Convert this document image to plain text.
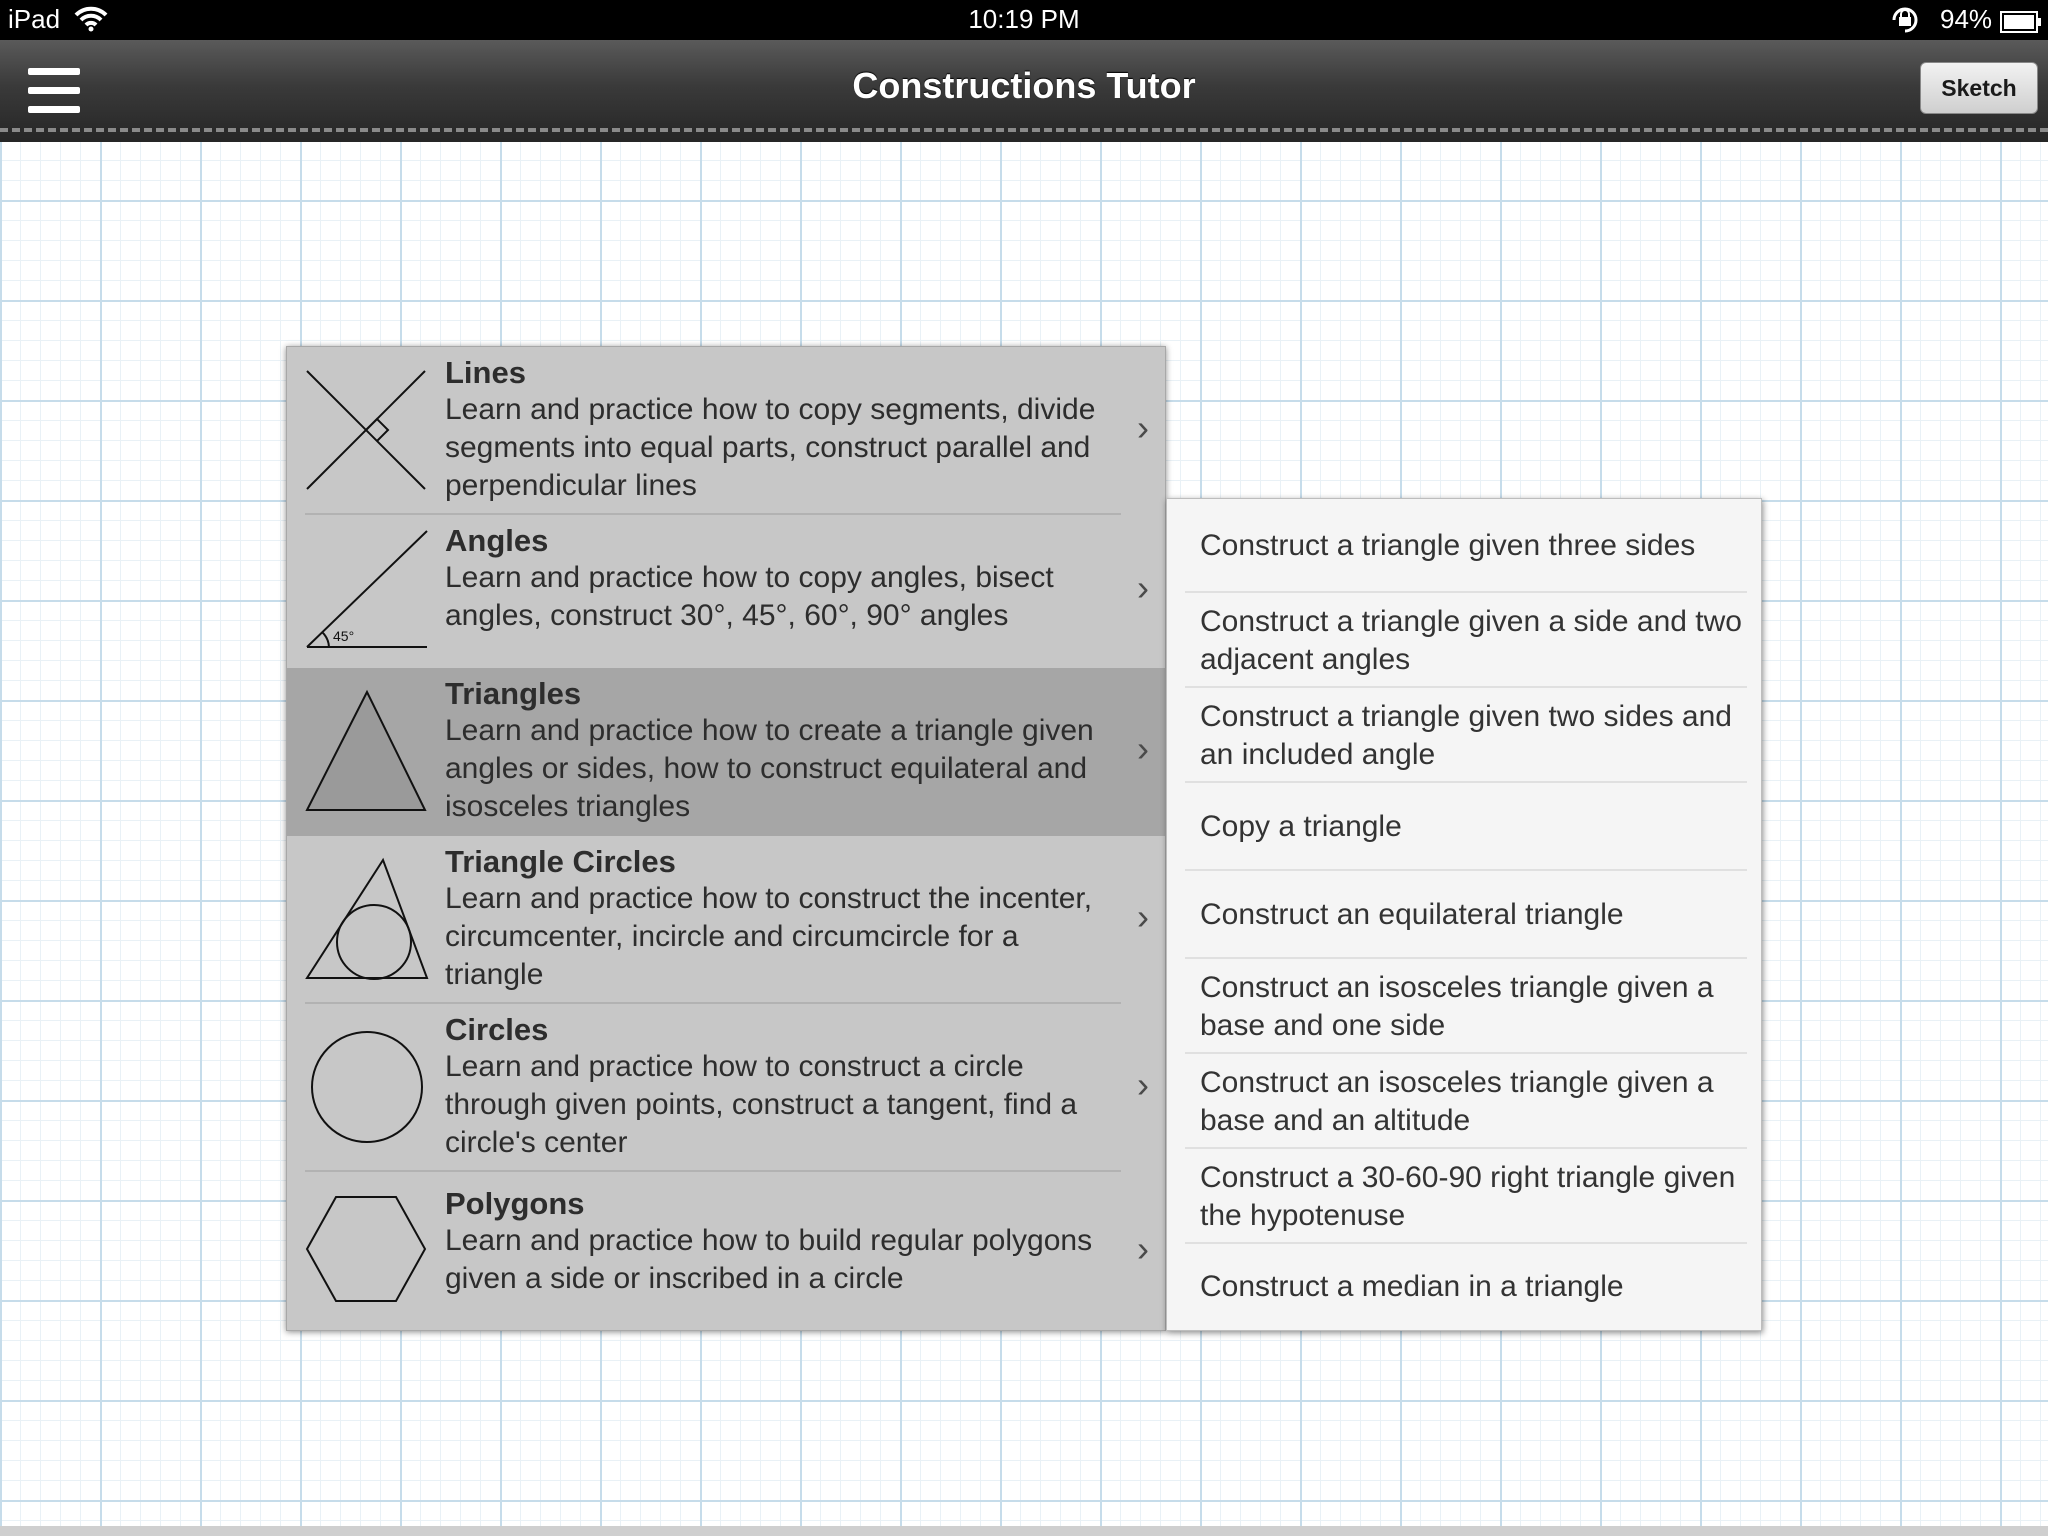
iPad	10:19 PM	94%
Constructions Tutor	Sketch
Lines
Learn and practice how to copy segments, divide segments into equal parts, construct parallel and perpendicular lines
›
45°
Angles
Learn and practice how to copy angles, bisect angles, construct 30°, 45°, 60°, 90° angles
›
Triangles
Learn and practice how to create a triangle given angles or sides, how to construct equilateral and isosceles triangles
›
Triangle Circles
Learn and practice how to construct the incenter, circumcenter, incircle and circumcircle for a triangle
›
Circles
Learn and practice how to construct a circle through given points, construct a tangent, find a circle's center
›
Polygons
Learn and practice how to build regular polygons given a side or inscribed in a circle
›
Construct a triangle given three sides
Construct a triangle given a side and two adjacent angles
Construct a triangle given two sides and an included angle
Copy a triangle
Construct an equilateral triangle
Construct an isosceles triangle given a base and one side
Construct an isosceles triangle given a base and an altitude
Construct a 30-60-90 right triangle given the hypotenuse
Construct a median in a triangle
